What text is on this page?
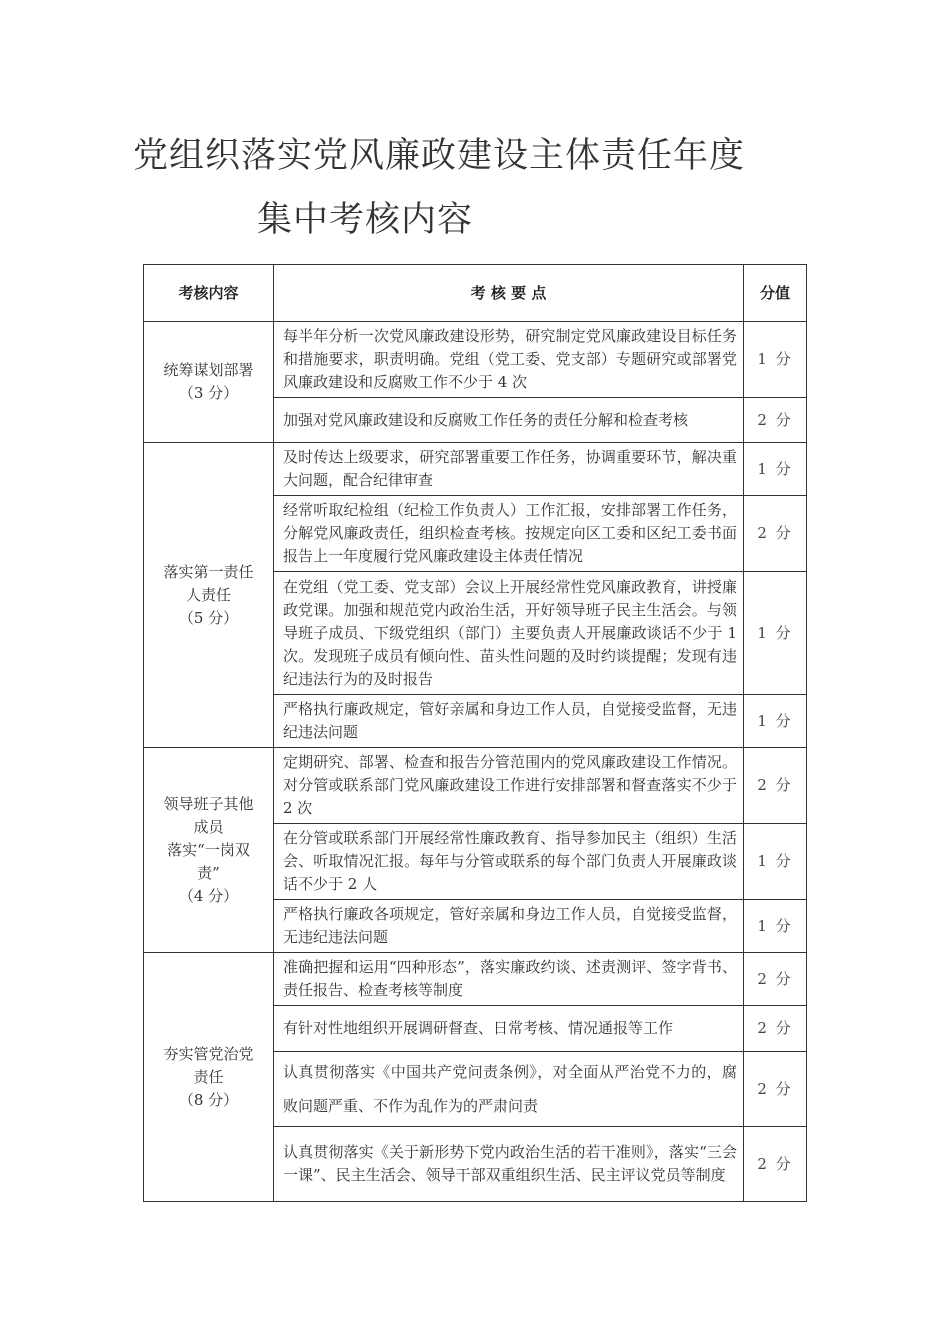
党组织落实党风廉政建设主体责任年度
集中考核内容
考核内容	考 核 要 点	分值

统筹谋划部署
（3 分）	每半年分析一次党风廉政建设形势，研究制定党风廉政建设目标任务和措施要求，职责明确。党组（党工委、党支部）专题研究或部署党风廉政建设和反腐败工作不少于 4 次	1 分
	加强对党风廉政建设和反腐败工作任务的责任分解和检查考核	2 分

落实第一责任
人责任
（5 分）	及时传达上级要求，研究部署重要工作任务，协调重要环节，解决重大问题，配合纪律审查	1 分
	经常听取纪检组（纪检工作负责人）工作汇报，安排部署工作任务，分解党风廉政责任，组织检查考核。按规定向区工委和区纪工委书面报告上一年度履行党风廉政建设主体责任情况	2 分
	在党组（党工委、党支部）会议上开展经常性党风廉政教育，讲授廉政党课。加强和规范党内政治生活，开好领导班子民主生活会。与领导班子成员、下级党组织（部门）主要负责人开展廉政谈话不少于 1 次。发现班子成员有倾向性、苗头性问题的及时约谈提醒；发现有违纪违法行为的及时报告	1 分
	严格执行廉政规定，管好亲属和身边工作人员，自觉接受监督，无违纪违法问题	1 分

领导班子其他
成员
落实“一岗双责”
（4 分）	定期研究、部署、检查和报告分管范围内的党风廉政建设工作情况。对分管或联系部门党风廉政建设工作进行安排部署和督查落实不少于 2 次	2 分
	在分管或联系部门开展经常性廉政教育、指导参加民主（组织）生活会、听取情况汇报。每年与分管或联系的每个部门负责人开展廉政谈话不少于 2 人	1 分
	严格执行廉政各项规定，管好亲属和身边工作人员，自觉接受监督，无违纪违法问题	1 分

夯实管党治党
责任
（8 分）	准确把握和运用“四种形态”，落实廉政约谈、述责测评、签字背书、责任报告、检查考核等制度	2 分
	有针对性地组织开展调研督查、日常考核、情况通报等工作	2 分
	认真贯彻落实《中国共产党问责条例》，对全面从严治党不力的，腐败问题严重、不作为乱作为的严肃问责	2 分
	认真贯彻落实《关于新形势下党内政治生活的若干准则》，落实“三会一课”、民主生活会、领导干部双重组织生活、民主评议党员等制度	2 分
